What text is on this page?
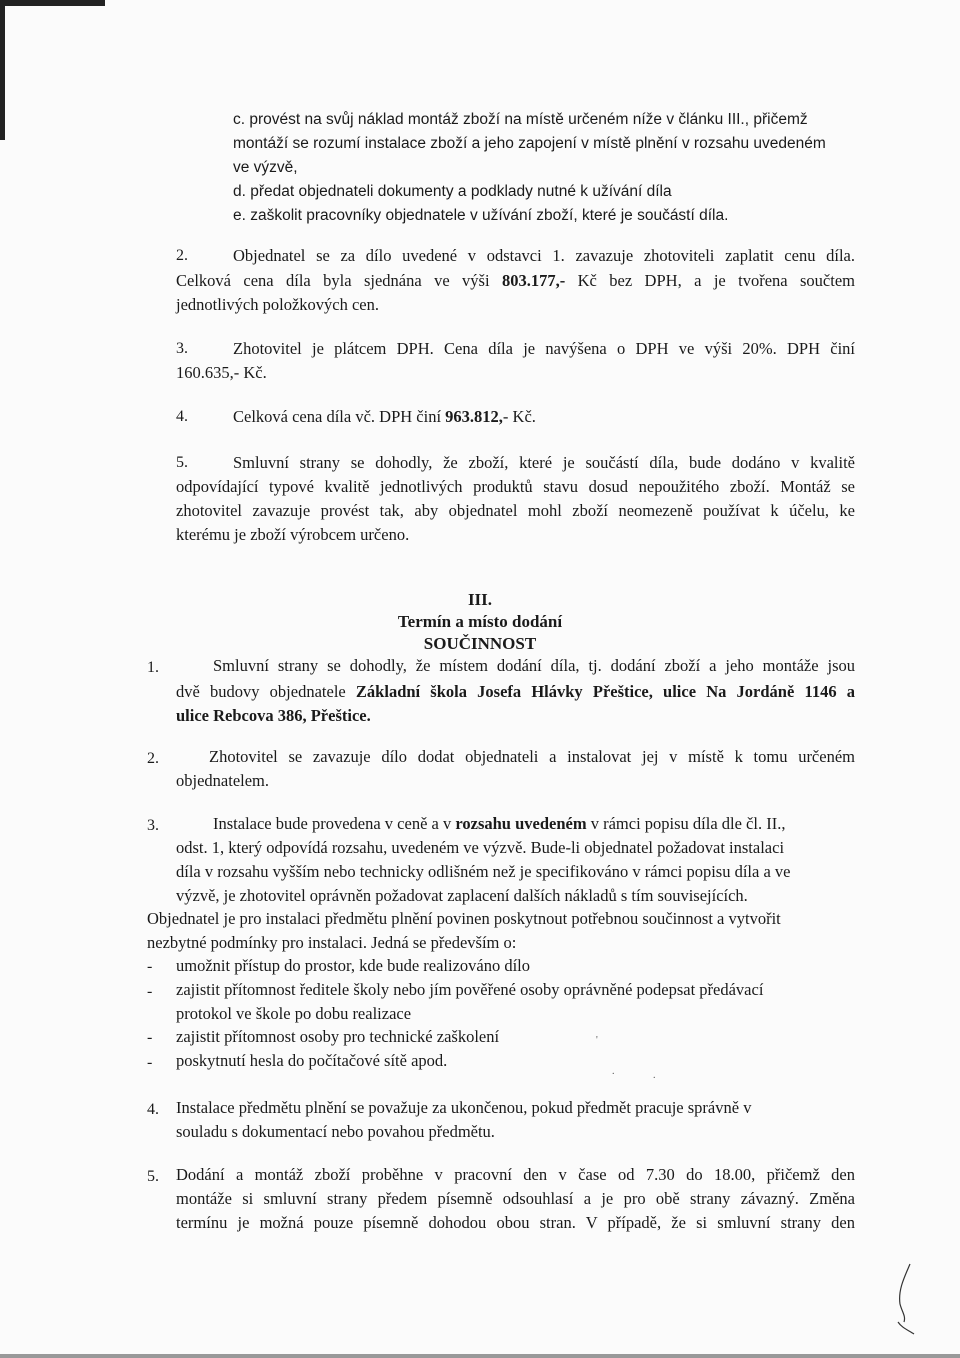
c. provést na svůj náklad montáž zboží na místě určeném níže v článku III., přičemž
montáží se rozumí instalace zboží a jeho zapojení v místě plnění v rozsahu uvedeném
ve výzvě,
d. předat objednateli dokumenty a podklady nutné k užívání díla
e. zaškolit pracovníky objednatele v užívání zboží, které je součástí díla.
2.	Objednatel se za dílo uvedené v odstavci 1. zavazuje zhotoviteli zaplatit cenu díla.
Celková cena díla byla sjednána ve výši 803.177,- Kč bez DPH, a je tvořena součtem
jednotlivých položkových cen.
3.	Zhotovitel je plátcem DPH. Cena díla je navýšena o DPH ve výši 20%. DPH činí
160.635,- Kč.
4.	Celková cena díla vč. DPH činí 963.812,- Kč.
5.	Smluvní strany se dohodly, že zboží, které je součástí díla, bude dodáno v kvalitě
odpovídající typové kvalitě jednotlivých produktů stavu dosud nepoužitého zboží. Montáž se
zhotovitel zavazuje provést tak, aby objednatel mohl zboží neomezeně používat k účelu, ke
kterému je zboží výrobcem určeno.
III.
Termín a místo dodání
SOUČINNOST
1.	Smluvní strany se dohodly, že místem dodání díla, tj. dodání zboží a jeho montáže jsou
dvě budovy objednatele Základní škola Josefa Hlávky Přeštice, ulice Na Jordáně 1146 a
ulice Rebcova 386, Přeštice.
2.	Zhotovitel se zavazuje dílo dodat objednateli a instalovat jej v místě k tomu určeném
objednatelem.
3.	Instalace bude provedena v ceně a v rozsahu uvedeném v rámci popisu díla dle čl. II.,
odst. 1, který odpovídá rozsahu, uvedeném ve výzvě. Bude-li objednatel požadovat instalaci
díla v rozsahu vyšším nebo technicky odlišném než je specifikováno v rámci popisu díla a ve
výzvě, je zhotovitel oprávněn požadovat zaplacení dalších nákladů s tím souvisejících.
Objednatel je pro instalaci předmětu plnění povinen poskytnout potřebnou součinnost a vytvořit
nezbytné podmínky pro instalaci. Jedná se především o:
- umožnit přístup do prostor, kde bude realizováno dílo
- zajistit přítomnost ředitele školy nebo jím pověřené osoby oprávněné podepsat předávací
protokol ve škole po dobu realizace
- zajistit přítomnost osoby pro technické zaškolení
- poskytnutí hesla do počítačové sítě apod.
4. Instalace předmětu plnění se považuje za ukončenou, pokud předmět pracuje správně v
souladu s dokumentací nebo povahou předmětu.
5. Dodání a montáž zboží proběhne v pracovní den v čase od 7.30 do 18.00, přičemž den
montáže si smluvní strany předem písemně odsouhlasí a je pro obě strany závazný. Změna
termínu je možná pouze písemně dohodou obou stran. V případě, že si smluvní strany den
'
.	.
